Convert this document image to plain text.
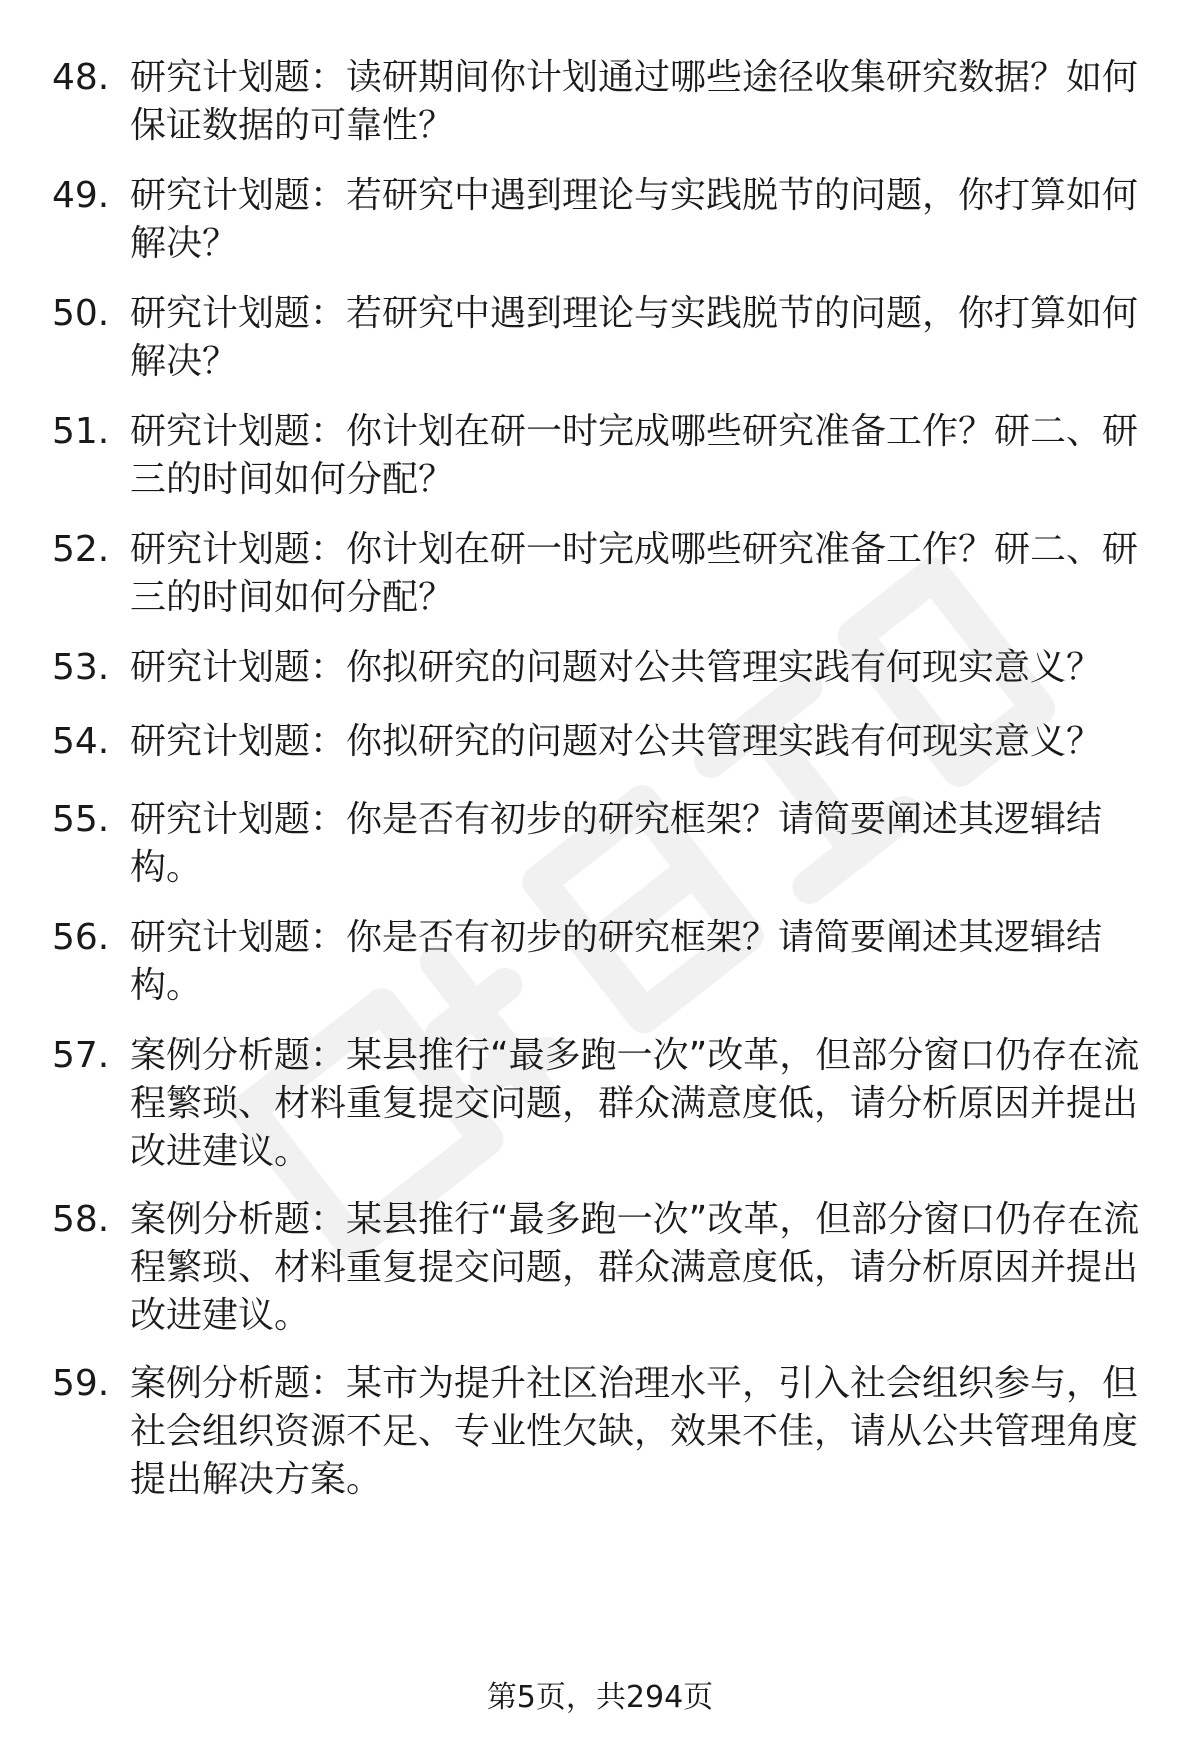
48. 研究计划题：读研期间你计划通过哪些途径收集研究数据？如何保证数据的可靠性？
49. 研究计划题：若研究中遇到理论与实践脱节的问题，你打算如何解决？
50. 研究计划题：若研究中遇到理论与实践脱节的问题，你打算如何解决？
51. 研究计划题：你计划在研一时完成哪些研究准备工作？研二、研三的时间如何分配？
52. 研究计划题：你计划在研一时完成哪些研究准备工作？研二、研三的时间如何分配？
53. 研究计划题：你拟研究的问题对公共管理实践有何现实意义？
54. 研究计划题：你拟研究的问题对公共管理实践有何现实意义？
55. 研究计划题：你是否有初步的研究框架？请简要阐述其逻辑结构。
56. 研究计划题：你是否有初步的研究框架？请简要阐述其逻辑结构。
57. 案例分析题：某县推行“最多跑一次”改革，但部分窗口仍存在流程繁琐、材料重复提交问题，群众满意度低，请分析原因并提出改进建议。
58. 案例分析题：某县推行“最多跑一次”改革，但部分窗口仍存在流程繁琐、材料重复提交问题，群众满意度低，请分析原因并提出改进建议。
59. 案例分析题：某市为提升社区治理水平，引入社会组织参与，但社会组织资源不足、专业性欠缺，效果不佳，请从公共管理角度提出解决方案。
第5页，共294页
